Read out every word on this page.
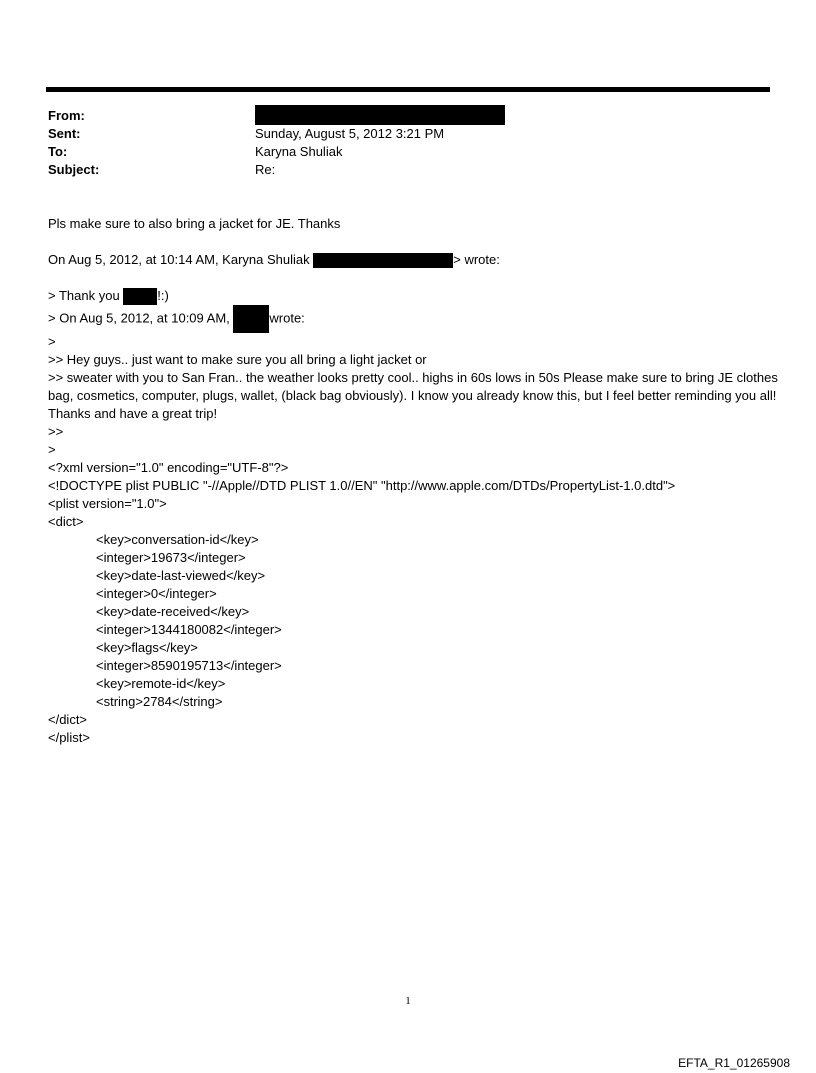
From:
Sent:	Sunday, August 5, 2012 3:21 PM
To:	Karyna Shuliak
Subject:	Re:
Pls make sure to also bring a jacket for JE. Thanks
On Aug 5, 2012, at 10:14 AM, Karyna Shuliak	> wrote:
> Thank you	!:)
> On Aug 5, 2012, at 10:09 AM,	wrote:
>
>> Hey guys.. just want to make sure you all bring a light jacket or
>> sweater with you to San Fran.. the weather looks pretty cool.. highs in 60s lows in 50s Please make sure to bring JE clothes bag, cosmetics, computer, plugs, wallet, (black bag obviously). I know you already know this, but I feel better reminding you all! Thanks and have a great trip!
>>
>
<?xml version="1.0" encoding="UTF-8"?>
<!DOCTYPE plist PUBLIC "-//Apple//DTD PLIST 1.0//EN" "http://www.apple.com/DTDs/PropertyList-1.0.dtd">
<plist version="1.0">
<dict>
<key>conversation-id</key>
<integer>19673</integer>
<key>date-last-viewed</key>
<integer>0</integer>
<key>date-received</key>
<integer>1344180082</integer>
<key>flags</key>
<integer>8590195713</integer>
<key>remote-id</key>
<string>2784</string>
</dict>
</plist>
1
EFTA_R1_01265908
